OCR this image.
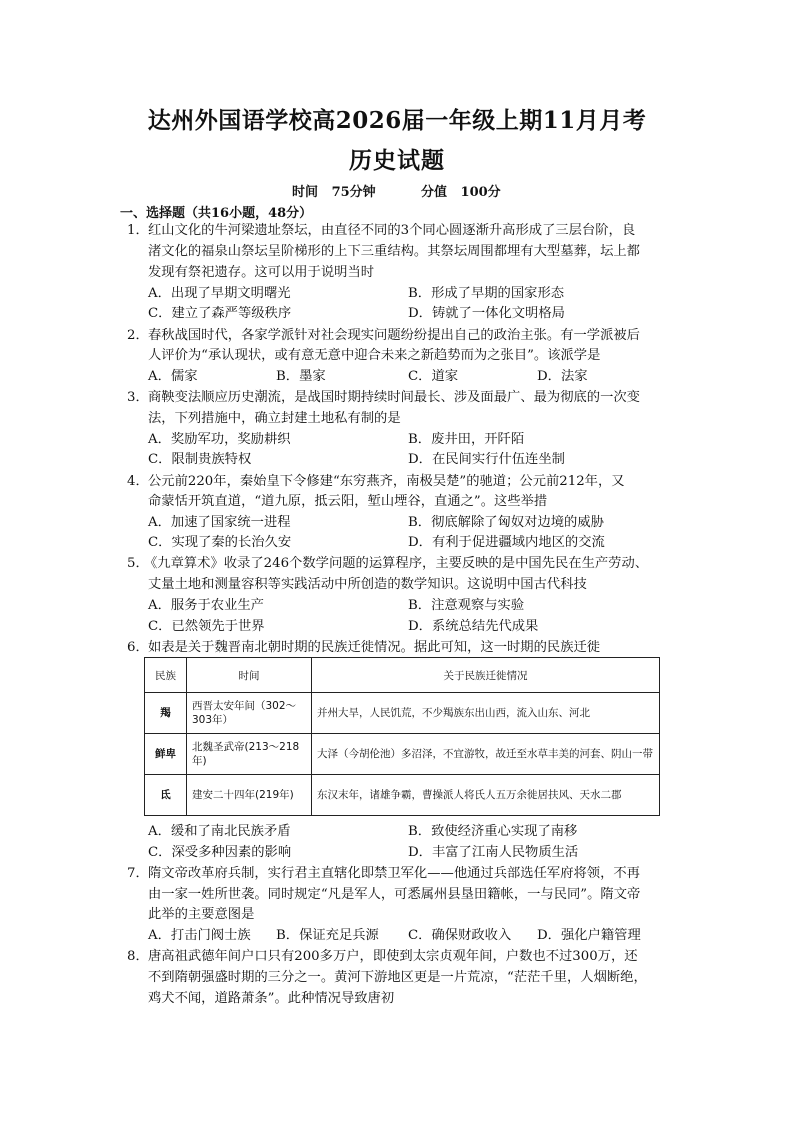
达州外国语学校高2026届一年级上期11月月考
历史试题
时间 75分钟	分值 100分
一、选择题（共16小题，48分）
1． 红山文化的牛河梁遗址祭坛，由直径不同的3个同心圆逐渐升高形成了三层台阶，良
渚文化的福泉山祭坛呈阶梯形的上下三重结构。其祭坛周围都埋有大型墓葬，坛上都
发现有祭祀遗存。这可以用于说明当时
A．出现了早期文明曙光	B．形成了早期的国家形态
C．建立了森严等级秩序	D．铸就了一体化文明格局
2． 春秋战国时代，各家学派针对社会现实问题纷纷提出自己的政治主张。有一学派被后
人评价为“承认现状，或有意无意中迎合未来之新趋势而为之张目”。该派学是
A．儒家	B．墨家	C．道家	D．法家
3． 商鞅变法顺应历史潮流，是战国时期持续时间最长、涉及面最广、最为彻底的一次变
法，下列措施中，确立封建土地私有制的是
A．奖励军功，奖励耕织	B．废井田，开阡陌
C．限制贵族特权	D．在民间实行什伍连坐制
4． 公元前220年，秦始皇下令修建“东穷燕齐，南极吴楚”的驰道；公元前212年，又
命蒙恬开筑直道，“道九原，抵云阳，堑山堙谷，直通之”。这些举措
A．加速了国家统一进程	B．彻底解除了匈奴对边境的威胁
C．实现了秦的长治久安	D．有利于促进疆域内地区的交流
5．
《九章算术》收录了246个数学问题的运算程序，主要反映的是中国先民在生产劳动、
丈量土地和测量容积等实践活动中所创造的数学知识。这说明中国古代科技
A．服务于农业生产	B．注意观察与实验
C．已然领先于世界	D．系统总结先代成果
6． 如表是关于魏晋南北朝时期的民族迁徙情况。据此可知，这一时期的民族迁徙
民族	时间	关于民族迁徙情况
羯	西晋太安年间（302～303年）	并州大旱，人民饥荒，不少羯族东出山西，流入山东、河北
鲜卑	北魏圣武帝(213～218年)	大泽（今胡伦池）多沼泽，不宜游牧，故迁至水草丰美的河套、阴山一带
氐	建安二十四年(219年)	东汉末年，诸雄争霸，曹操派人将氏人五万余徙居扶风、天水二郡
A．缓和了南北民族矛盾	B．致使经济重心实现了南移
C．深受多种因素的影响	D．丰富了江南人民物质生活
7． 隋文帝改革府兵制，实行君主直辖化即禁卫军化——他通过兵部选任军府将领，不再
由一家一姓所世袭。同时规定“凡是军人，可悉属州县垦田籍帐，一与民同”。隋文帝
此举的主要意图是
A．打击门阀士族 B．保证充足兵源 C．确保财政收入 D．强化户籍管理
8． 唐高祖武德年间户口只有200多万户，即使到太宗贞观年间，户数也不过300万，还
不到隋朝强盛时期的三分之一。黄河下游地区更是一片荒凉，“茫茫千里，人烟断绝，
鸡犬不闻，道路萧条”。此种情况导致唐初
